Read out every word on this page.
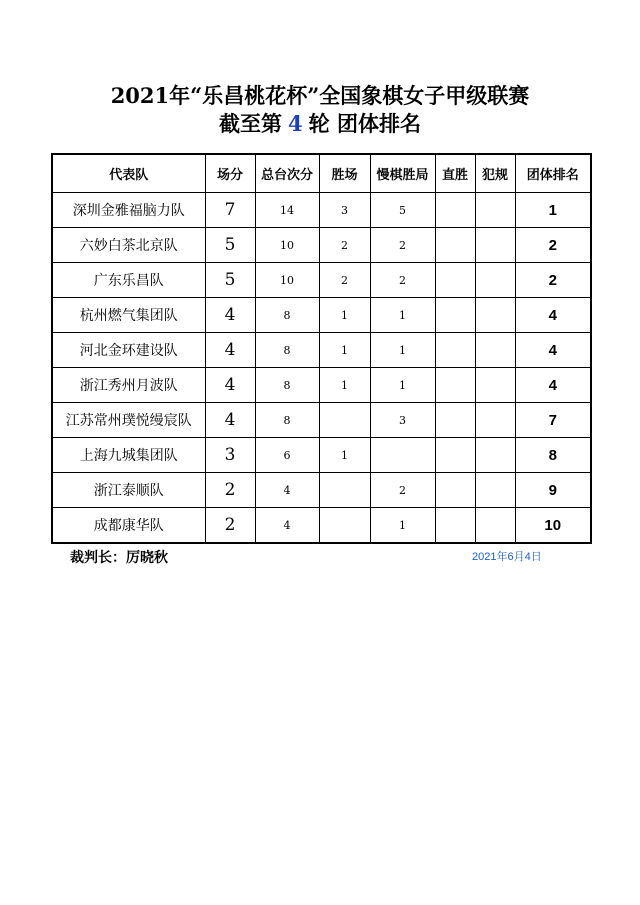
2021年“乐昌桃花杯”全国象棋女子甲级联赛
截至第 4 轮 团体排名
代表队	场分	总台次分	胜场	慢棋胜局	直胜	犯规	团体排名
深圳金雅福脑力队	7	14	3	5			1
六妙白茶北京队	5	10	2	2			2
广东乐昌队	5	10	2	2			2
杭州燃气集团队	4	8	1	1			4
河北金环建设队	4	8	1	1			4
浙江秀州月波队	4	8	1	1			4
江苏常州璞悦缦宸队	4	8		3			7
上海九城集团队	3	6	1				8
浙江泰顺队	2	4		2			9
成都康华队	2	4		1			10
裁判长：厉晓秋	2021年6月4日
